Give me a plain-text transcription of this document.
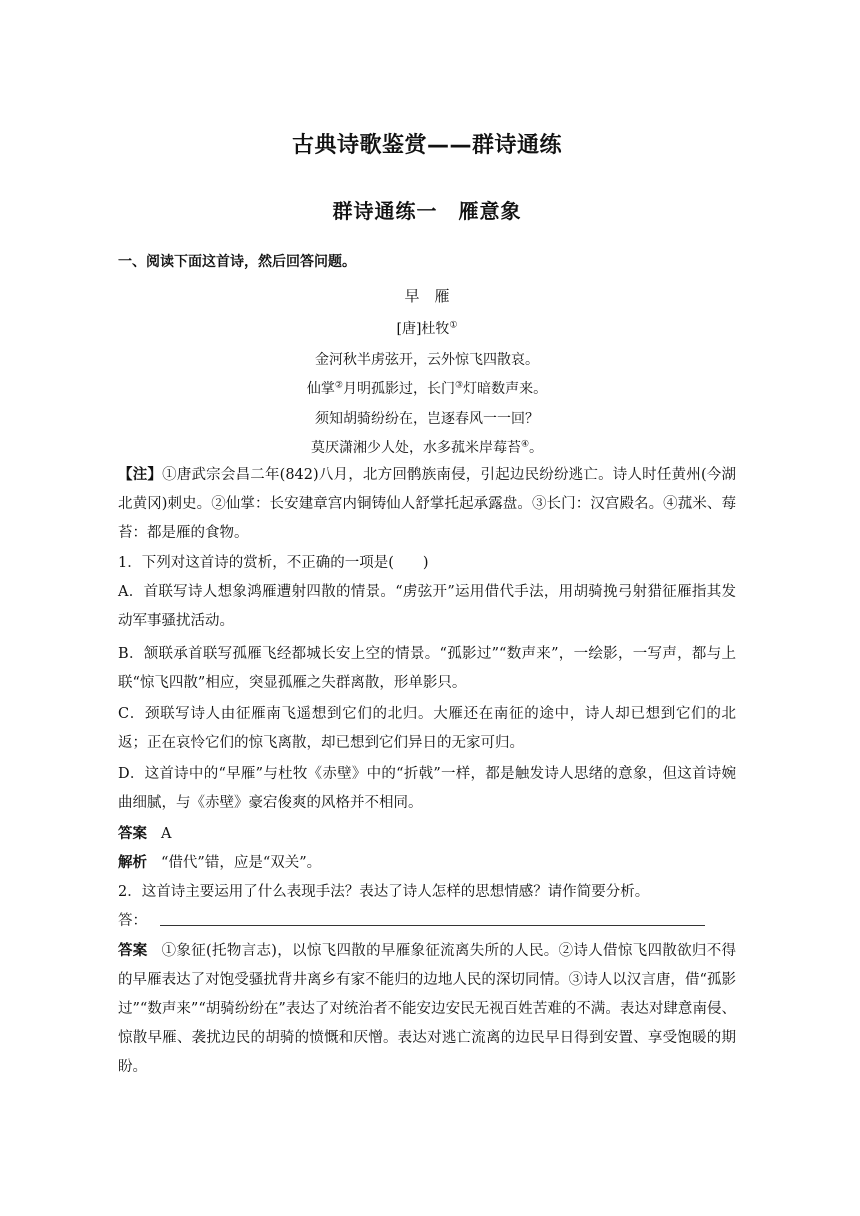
古典诗歌鉴赏——群诗通练
群诗通练一　雁意象
一、阅读下面这首诗，然后回答问题。
早　雁
[唐]杜牧①
金河秋半虏弦开，云外惊飞四散哀。
仙掌②月明孤影过，长门③灯暗数声来。
须知胡骑纷纷在，岂逐春风一一回？
莫厌潇湘少人处，水多菰米岸莓苔④。
【注】①唐武宗会昌二年(842)八月，北方回鹘族南侵，引起边民纷纷逃亡。诗人时任黄州(今湖北黄冈)刺史。②仙掌：长安建章宫内铜铸仙人舒掌托起承露盘。③长门：汉宫殿名。④菰米、莓苔：都是雁的食物。
1．下列对这首诗的赏析，不正确的一项是(　　)
A．首联写诗人想象鸿雁遭射四散的情景。“虏弦开”运用借代手法，用胡骑挽弓射猎征雁指其发动军事骚扰活动。
B．颔联承首联写孤雁飞经都城长安上空的情景。“孤影过”“数声来”，一绘影，一写声，都与上联“惊飞四散”相应，突显孤雁之失群离散，形单影只。
C．颈联写诗人由征雁南飞遥想到它们的北归。大雁还在南征的途中，诗人却已想到它们的北返；正在哀怜它们的惊飞离散，却已想到它们异日的无家可归。
D．这首诗中的“早雁”与杜牧《赤壁》中的“折戟”一样，都是触发诗人思绪的意象，但这首诗婉曲细腻，与《赤壁》豪宕俊爽的风格并不相同。
答案 A
解析 “借代”错，应是“双关”。
2．这首诗主要运用了什么表现手法？表达了诗人怎样的思想情感？请作简要分析。
答：
答案 ①象征(托物言志)，以惊飞四散的早雁象征流离失所的人民。②诗人借惊飞四散欲归不得的早雁表达了对饱受骚扰背井离乡有家不能归的边地人民的深切同情。③诗人以汉言唐，借“孤影过”“数声来”“胡骑纷纷在”表达了对统治者不能安边安民无视百姓苦难的不满。表达对肆意南侵、惊散早雁、袭扰边民的胡骑的愤慨和厌憎。表达对逃亡流离的边民早日得到安置、享受饱暖的期盼。
